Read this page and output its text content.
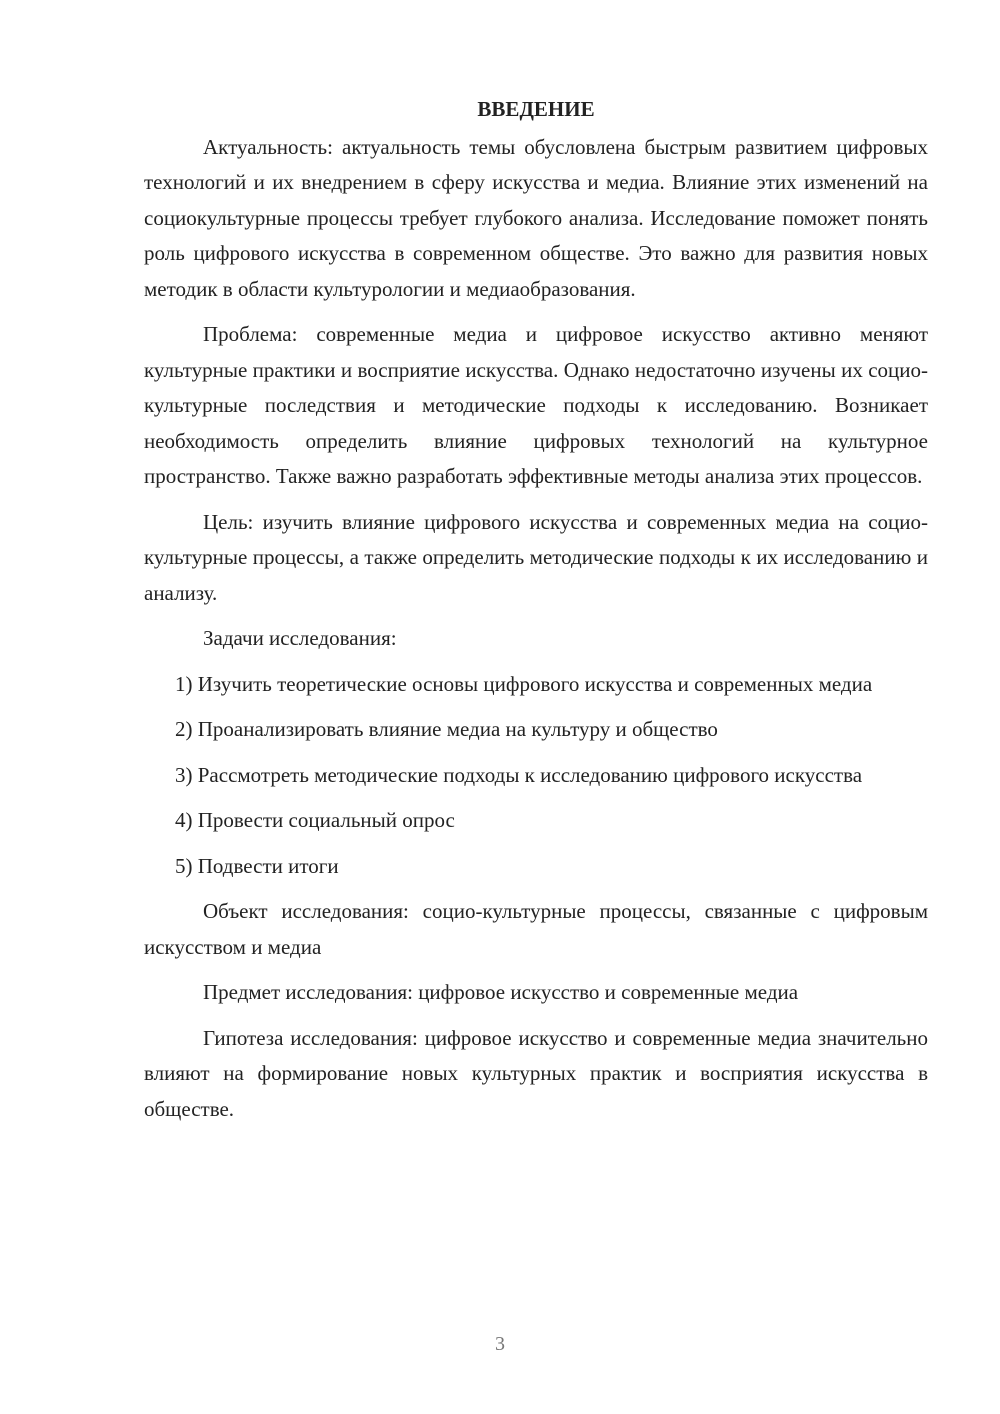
ВВЕДЕНИЕ

Актуальность: актуальность темы обусловлена быстрым развитием цифровых технологий и их внедрением в сферу искусства и медиа. Влияние этих изменений на социокультурные процессы требует глубокого анализа. Исследование поможет понять роль цифрового искусства в современном обществе. Это важно для развития новых методик в области культурологии и медиаобразования.

Проблема: современные медиа и цифровое искусство активно меняют культурные практики и восприятие искусства. Однако недостаточно изучены их социо-культурные последствия и методические подходы к исследованию. Возникает необходимость определить влияние цифровых технологий на культурное пространство. Также важно разработать эффективные методы анализа этих процессов.

Цель: изучить влияние цифрового искусства и современных медиа на социо-культурные процессы, а также определить методические подходы к их исследованию и анализу.

Задачи исследования:

1) Изучить теоретические основы цифрового искусства и современных медиа

2) Проанализировать влияние медиа на культуру и общество

3) Рассмотреть методические подходы к исследованию цифрового искусства

4) Провести социальный опрос

5) Подвести итоги

Объект исследования: социо-культурные процессы, связанные с цифровым искусством и медиа

Предмет исследования: цифровое искусство и современные медиа

Гипотеза исследования: цифровое искусство и современные медиа значительно влияют на формирование новых культурных практик и восприятия искусства в обществе.

3
